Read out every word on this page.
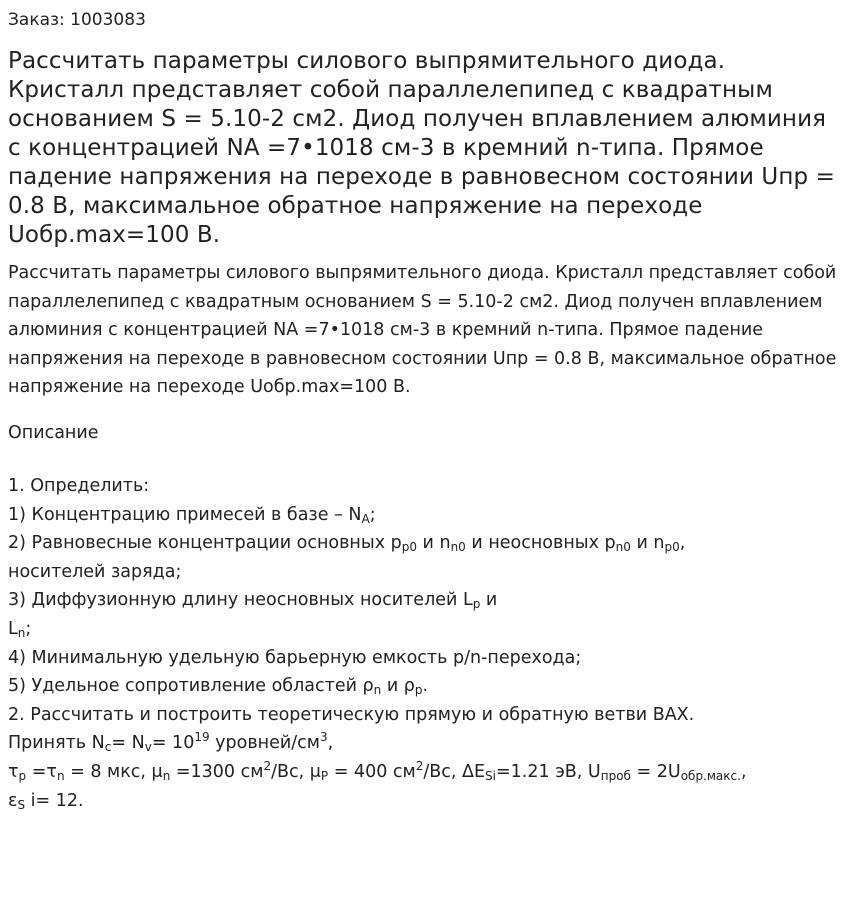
Заказ: 1003083

Рассчитать параметры силового выпрямительного диода. Кристалл представляет собой параллелепипед с квадратным основанием S = 5.10-2 см2. Диод получен вплавлением алюминия с концентрацией NA =7•1018 см-3 в кремний n-типа. Прямое падение напряжения на переходе в равновесном состоянии Uпр = 0.8 В, максимальное обратное напряжение на переходе Uобр.max=100 В.

Рассчитать параметры силового выпрямительного диода. Кристалл представляет собой параллелепипед с квадратным основанием S = 5.10-2 см2. Диод получен вплавлением алюминия с концентрацией NA =7•1018 см-3 в кремний n-типа. Прямое падение напряжения на переходе в равновесном состоянии Uпр = 0.8 В, максимальное обратное напряжение на переходе Uобр.max=100 В.

Описание
1. Определить:
1) Концентрацию примесей в базе – $N_A$;
2) Равновесные концентрации основных $p_{p0}$ и $n_{n0}$ и неосновных $p_{n0}$ и $n_{p0}$,
носителей заряда;
3) Диффузионную длину неосновных носителей $L_p$ и
$L_n$;
4) Минимальную удельную барьерную емкость p/n-перехода;
5) Удельное сопротивление областей $\rho_n$ и $\rho_p$.
2. Рассчитать и построить теоретическую прямую и обратную ветви ВАХ.
Принять $N_c= N_v= 10^{19}$ уровней/$см^3$,
$\tau_p =\tau_n = 8$ мкс, $\mu_n =1300$ $см^2/Вс$, $\mu_P = 400$ $см^2/Вс$, $\Delta E_{Si}=1.21$ эВ, $U_{проб} = 2U_{обр.макс.}$,
$\varepsilon_S$ i= 12.
